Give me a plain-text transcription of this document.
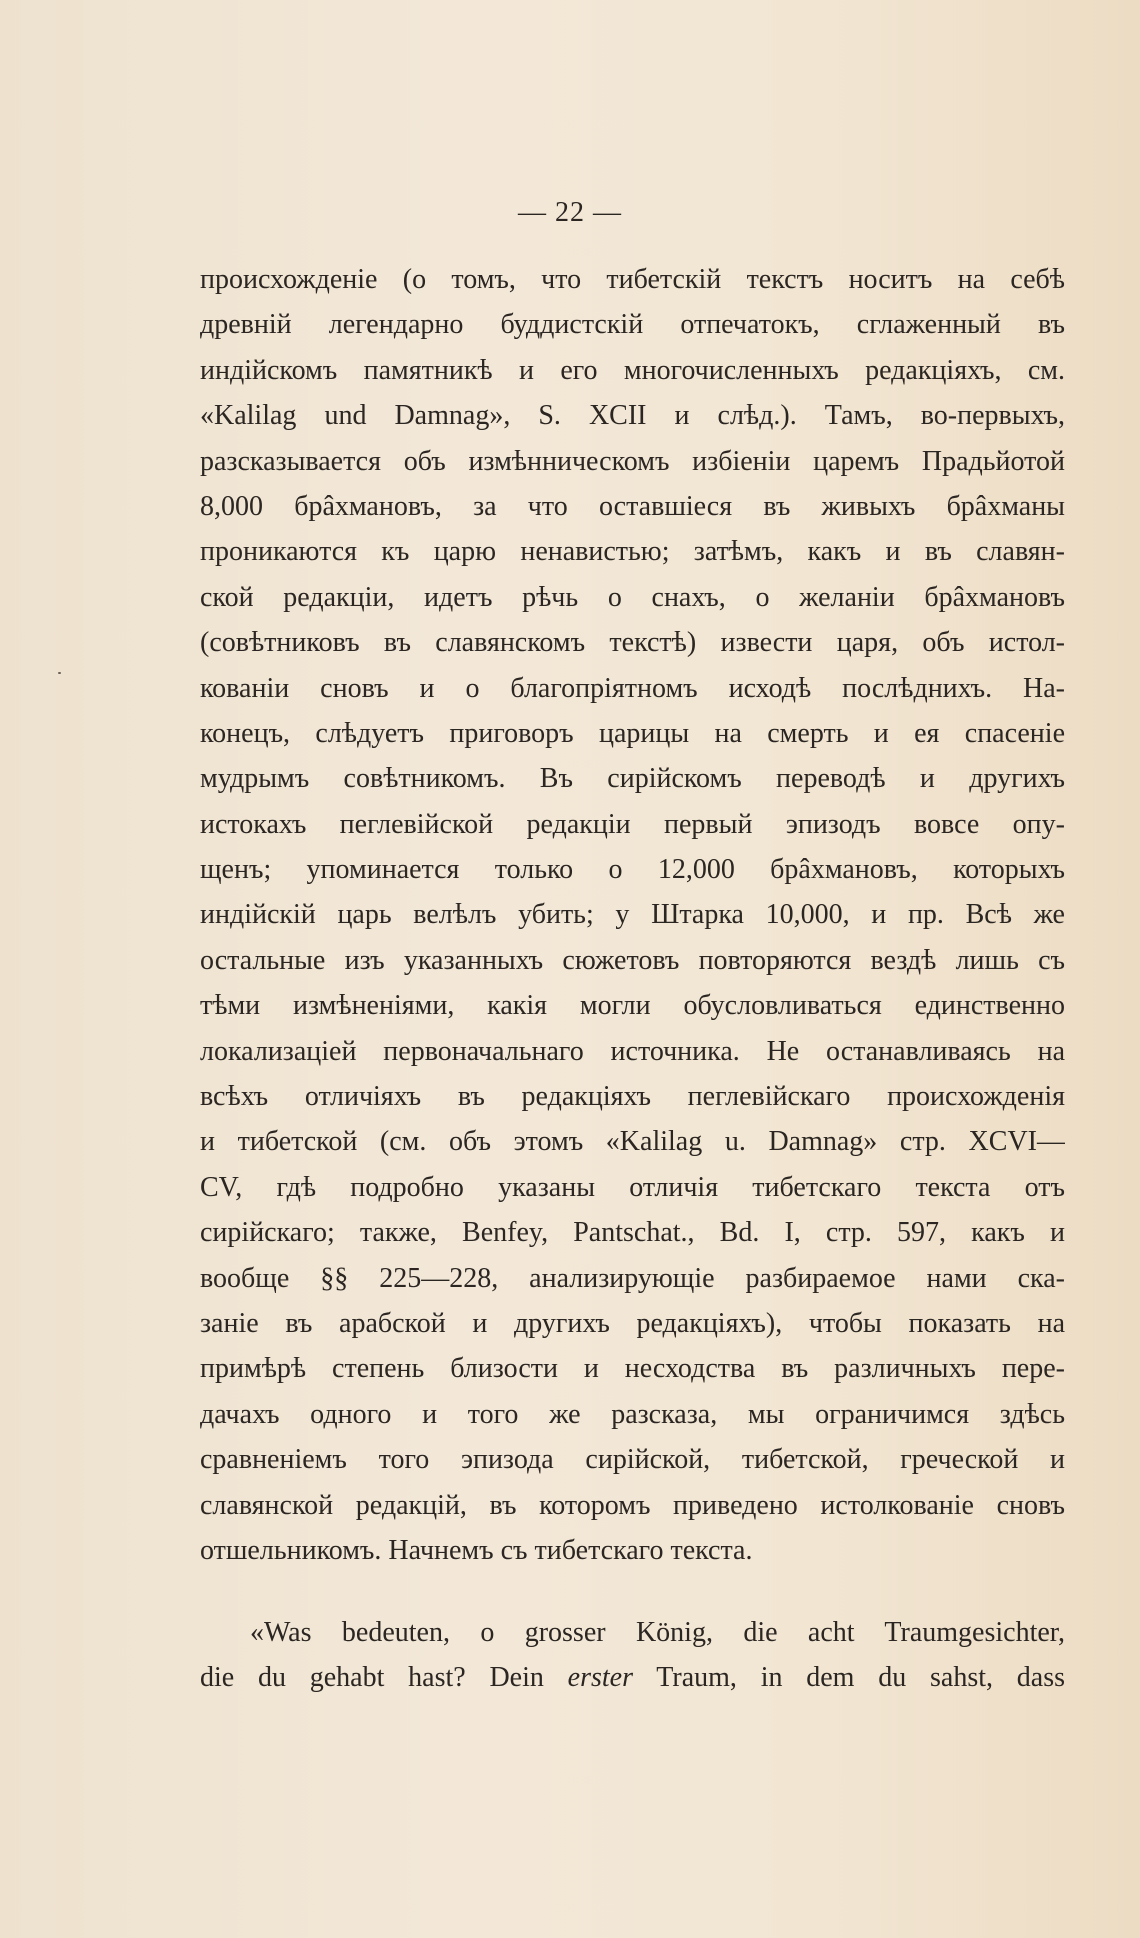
— 22 —
происхожденіе (о томъ, что тибетскій текстъ носитъ на себѣ
древній легендарно буддистскій отпечатокъ, сглаженный въ
индійскомъ памятникѣ и его многочисленныхъ редакціяхъ, см.
«Kalilag und Damnag», S. XCII и слѣд.). Тамъ, во-первыхъ,
разсказывается объ измѣнническомъ избіеніи царемъ Прадьйотой
8,000 брâхмановъ, за что оставшіеся въ живыхъ брâхманы
проникаются къ царю ненавистью; затѣмъ, какъ и въ славян-
ской редакціи, идетъ рѣчь о снахъ, о желаніи брâхмановъ
(совѣтниковъ въ славянскомъ текстѣ) извести царя, объ истол-
кованіи сновъ и о благопріятномъ исходѣ послѣднихъ. На-
конецъ, слѣдуетъ приговоръ царицы на смерть и ея спасеніе
мудрымъ совѣтникомъ. Въ сирійскомъ переводѣ и другихъ
истокахъ пеглевійской редакціи первый эпизодъ вовсе опу-
щенъ; упоминается только о 12,000 брâхмановъ, которыхъ
индійскій царь велѣлъ убить; у Штарка 10,000, и пр. Всѣ же
остальные изъ указанныхъ сюжетовъ повторяются вездѣ лишь съ
тѣми измѣненіями, какія могли обусловливаться единственно
локализаціей первоначальнаго источника. Не останавливаясь на
всѣхъ отличіяхъ въ редакціяхъ пеглевійскаго происхожденія
и тибетской (см. объ этомъ «Kalilag u. Damnag» стр. XCVI—
CV, гдѣ подробно указаны отличія тибетскаго текста отъ
сирійскаго; также, Benfey, Pantschat., Bd. I, стр. 597, какъ и
вообще §§ 225—228, анализирующіе разбираемое нами ска-
заніе въ арабской и другихъ редакціяхъ), чтобы показать на
примѣрѣ степень близости и несходства въ различныхъ пере-
дачахъ одного и того же разсказа, мы ограничимся здѣсь
сравненіемъ того эпизода сирійской, тибетской, греческой и
славянской редакцій, въ которомъ приведено истолкованіе сновъ
отшельникомъ. Начнемъ съ тибетскаго текста.
«Was bedeuten, o grosser König, die acht Traumgesichter,
die du gehabt hast? Dein erster Traum, in dem du sahst, dass
